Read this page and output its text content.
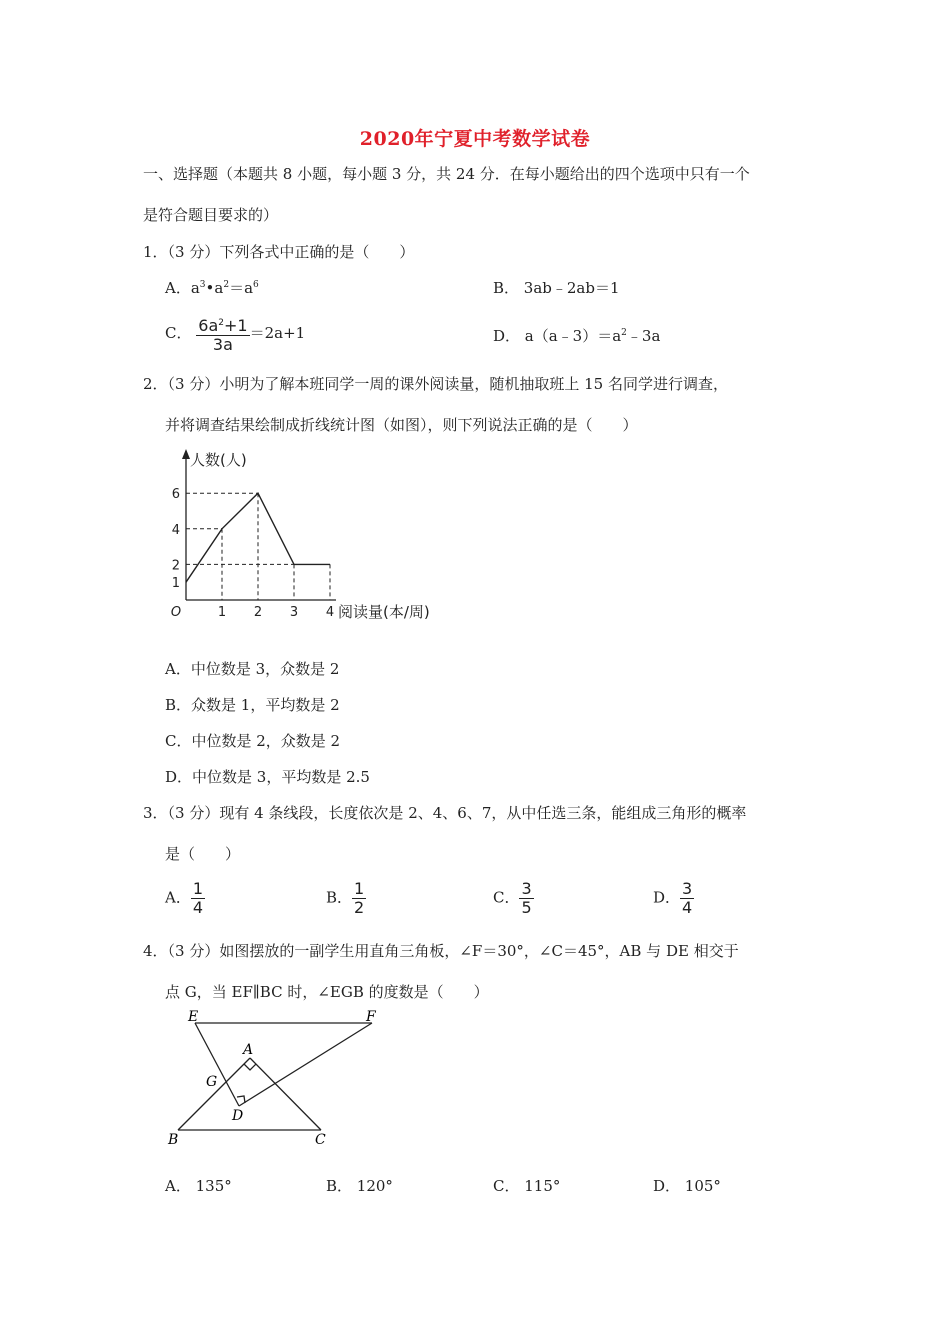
2020年宁夏中考数学试卷
一、选择题（本题共 8 小题，每小题 3 分，共 24 分．在每小题给出的四个选项中只有一个
是符合题目要求的）
1．（3 分）下列各式中正确的是（　　）
A．$a^3•a^2=a^6$	B． 3ab﹣2ab＝1
C． $\frac{6a^2+1}{3a} =2a+1$	D． $a(a﹣3)=a^2﹣3a$
2．（3 分）小明为了解本班同学一周的课外阅读量，随机抽取班上 15 名同学进行调查，
并将调查结果绘制成折线统计图（如图），则下列说法正确的是（　　）
1 2 3 4
1
2
4
6
O
人数(人)
阅读量(本/周)
A．中位数是 3，众数是 2
B．众数是 1，平均数是 2
C．中位数是 2，众数是 2
D．中位数是 3，平均数是 2.5
3．（3 分）现有 4 条线段，长度依次是 2、4、6、7，从中任选三条，能组成三角形的概率
是（　　）
A． $\frac{1}{4}$	B． $\frac{1}{2}$	C． $\frac{3}{5}$	D． $\frac{3}{4}$
4．（3 分）如图摆放的一副学生用直角三角板，∠F＝30°，∠C＝45°，AB 与 DE 相交于
点 G，当 EF∥BC 时，∠EGB 的度数是（　　）
E	F
A
G
D
B	C
A． 135°	B． 120°	C． 115°	D． 105°
